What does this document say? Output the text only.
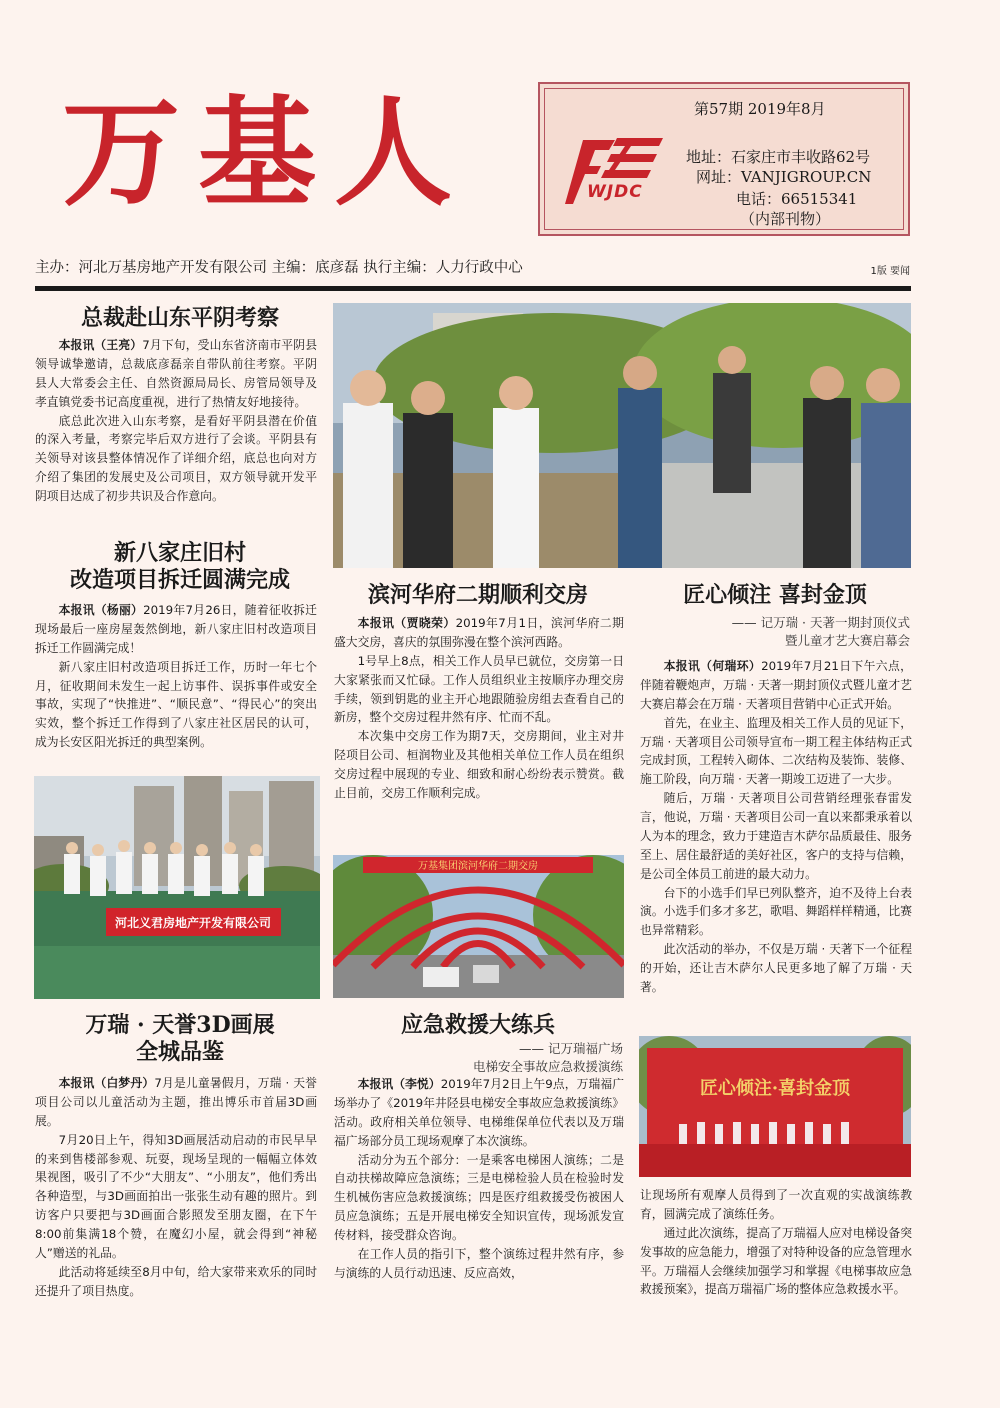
万基人	第57期 2019年8月
地址：石家庄市丰收路62号
网址：VANJIGROUP.CN
电话：66515341
（内部刊物）
WJDC
主办：河北万基房地产开发有限公司 主编：底彦磊 执行主编：人力行政中心	1版 要闻
总裁赴山东平阴考察

本报讯（王亮）7月下旬，受山东省济南市平阴县领导诚挚邀请，总裁底彦磊亲自带队前往考察。平阴县人大常委会主任、自然资源局局长、房管局领导及孝直镇党委书记高度重视，进行了热情友好地接待。

底总此次进入山东考察，是看好平阴县潜在价值的深入考量，考察完毕后双方进行了会谈。平阴县有关领导对该县整体情况作了详细介绍，底总也向对方介绍了集团的发展史及公司项目，双方领导就开发平阴项目达成了初步共识及合作意向。

新八家庄旧村
改造项目拆迁圆满完成

本报讯（杨丽）2019年7月26日，随着征收拆迁现场最后一座房屋轰然倒地，新八家庄旧村改造项目拆迁工作圆满完成！

新八家庄旧村改造项目拆迁工作，历时一年七个月，征收期间未发生一起上访事件、误拆事件或安全事故，实现了“快推进”、“顺民意”、“得民心”的突出实效，整个拆迁工作得到了八家庄社区居民的认可，成为长安区阳光拆迁的典型案例。

河北义君房地产开发有限公司
万瑞 · 天誉3D画展
全城品鉴

本报讯（白梦丹）7月是儿童暑假月，万瑞 · 天誉项目公司以儿童活动为主题，推出博乐市首届3D画展。

7月20日上午，得知3D画展活动启动的市民早早的来到售楼部参观、玩耍，现场呈现的一幅幅立体效果视图，吸引了不少“大朋友”、“小朋友”，他们秀出各种造型，与3D画面拍出一张张生动有趣的照片。到访客户只要把与3D画面合影照发至朋友圈，在下午8:00前集满18个赞，在魔幻小屋，就会得到“神秘人”赠送的礼品。

此活动将延续至8月中旬，给大家带来欢乐的同时还提升了项目热度。

滨河华府二期顺利交房

本报讯（贾晓荣）2019年7月1日，滨河华府二期盛大交房，喜庆的氛围弥漫在整个滨河西路。

1号早上8点，相关工作人员早已就位，交房第一日大家紧张而又忙碌。工作人员组织业主按顺序办理交房手续，领到钥匙的业主开心地跟随验房组去查看自己的新房，整个交房过程井然有序、忙而不乱。

本次集中交房工作为期7天，交房期间，业主对井陉项目公司、桓润物业及其他相关单位工作人员在组织交房过程中展现的专业、细致和耐心纷纷表示赞赏。截止目前，交房工作顺利完成。

万基集团滨河华府二期交房
应急救援大练兵
—— 记万瑞福广场
电梯安全事故应急救援演练

本报讯（李悦）2019年7月2日上午9点，万瑞福广场举办了《2019年井陉县电梯安全事故应急救援演练》活动。政府相关单位领导、电梯维保单位代表以及万瑞福广场部分员工现场观摩了本次演练。

活动分为五个部分：一是乘客电梯困人演练；二是自动扶梯故障应急演练；三是电梯检验人员在检验时发生机械伤害应急救援演练；四是医疗组救援受伤被困人员应急演练；五是开展电梯安全知识宣传，现场派发宣传材料，接受群众咨询。

在工作人员的指引下，整个演练过程井然有序，参与演练的人员行动迅速、反应高效，

匠心倾注 喜封金顶
—— 记万瑞 · 天著一期封顶仪式
暨儿童才艺大赛启幕会

本报讯（何瑞环）2019年7月21日下午六点，伴随着鞭炮声，万瑞 · 天著一期封顶仪式暨儿童才艺大赛启幕会在万瑞 · 天著项目营销中心正式开始。

首先，在业主、监理及相关工作人员的见证下，万瑞 · 天著项目公司领导宣布一期工程主体结构正式完成封顶，工程转入砌体、二次结构及装饰、装修、施工阶段，向万瑞 · 天著一期竣工迈进了一大步。

随后，万瑞 · 天著项目公司营销经理张春雷发言，他说，万瑞 · 天著项目公司一直以来都秉承着以人为本的理念，致力于建造吉木萨尔品质最佳、服务至上、居住最舒适的美好社区，客户的支持与信赖，是公司全体员工前进的最大动力。

台下的小选手们早已列队整齐，迫不及待上台表演。小选手们多才多艺，歌唱、舞蹈样样精通，比赛也异常精彩。

此次活动的举办，不仅是万瑞 · 天著下一个征程的开始，还让吉木萨尔人民更多地了解了万瑞 · 天著。

匠心倾注·喜封金顶

让现场所有观摩人员得到了一次直观的实战演练教育，圆满完成了演练任务。

通过此次演练，提高了万瑞福人应对电梯设备突发事故的应急能力，增强了对特种设备的应急管理水平。万瑞福人会继续加强学习和掌握《电梯事故应急救援预案》，提高万瑞福广场的整体应急救援水平。
